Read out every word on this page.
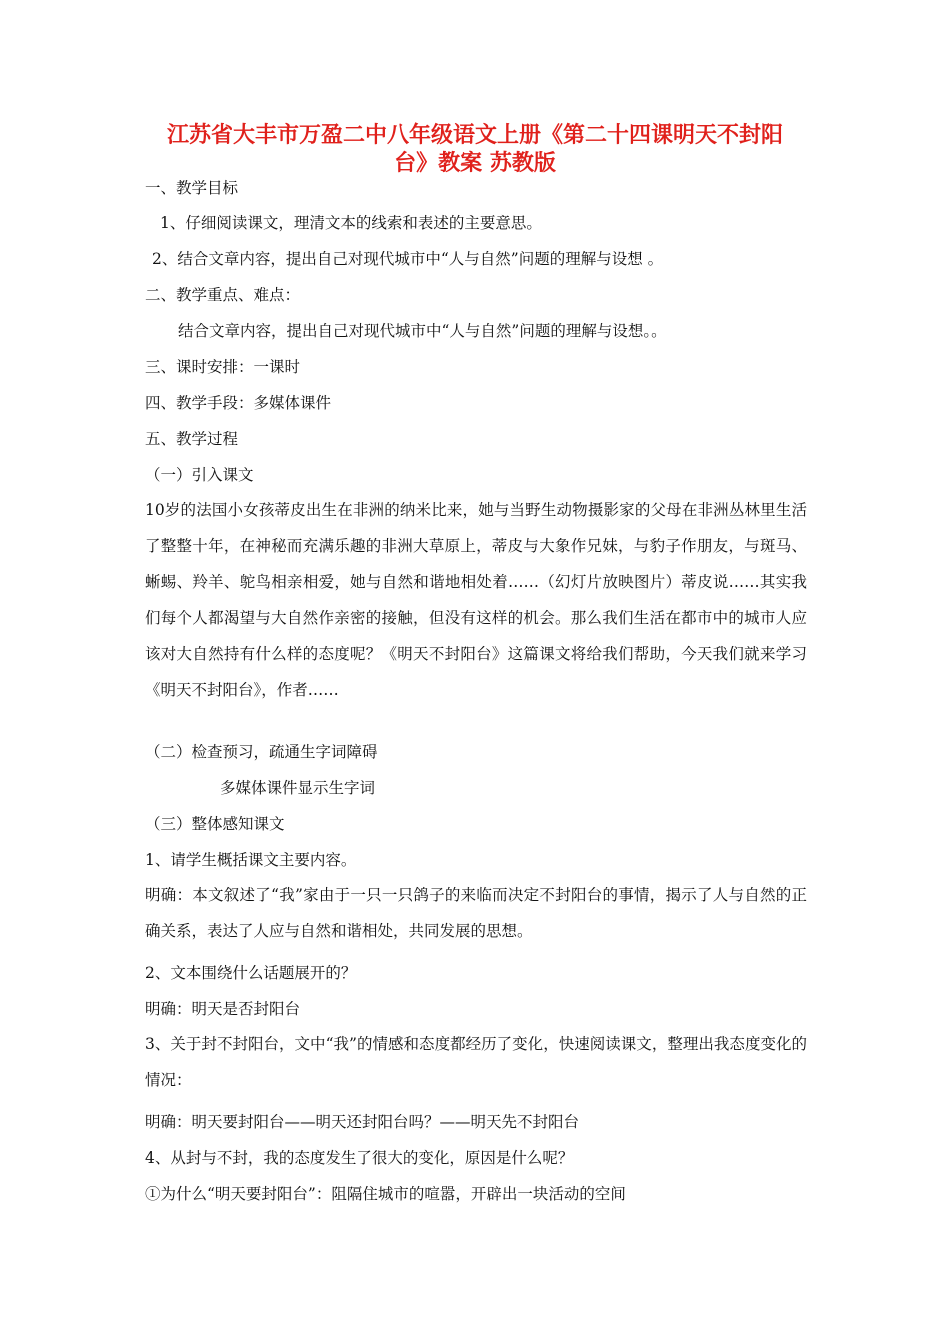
江苏省大丰市万盈二中八年级语文上册《第二十四课明天不封阳
台》教案 苏教版
一、教学目标
1、仔细阅读课文，理清文本的线索和表述的主要意思。
2、结合文章内容，提出自己对现代城市中“人与自然”问题的理解与设想 。
二、教学重点、难点：
结合文章内容，提出自己对现代城市中“人与自然”问题的理解与设想。。
三、课时安排：一课时
四、教学手段：多媒体课件
五、教学过程
（一）引入课文
10岁的法国小女孩蒂皮出生在非洲的纳米比来，她与当野生动物摄影家的父母在非洲丛林里生活了整整十年，在神秘而充满乐趣的非洲大草原上，蒂皮与大象作兄妹，与豹子作朋友，与斑马、蜥蜴、羚羊、鸵鸟相亲相爱，她与自然和谐地相处着……（幻灯片放映图片）蒂皮说……其实我们每个人都渴望与大自然作亲密的接触，但没有这样的机会。那么我们生活在都市中的城市人应该对大自然持有什么样的态度呢？《明天不封阳台》这篇课文将给我们帮助，今天我们就来学习《明天不封阳台》，作者……
（二）检查预习，疏通生字词障碍
多媒体课件显示生字词
（三）整体感知课文
1、请学生概括课文主要内容。
明确：本文叙述了“我”家由于一只一只鸽子的来临而决定不封阳台的事情，揭示了人与自然的正确关系，表达了人应与自然和谐相处，共同发展的思想。
2、文本围绕什么话题展开的？
明确：明天是否封阳台
3、关于封不封阳台，文中“我”的情感和态度都经历了变化，快速阅读课文，整理出我态度变化的情况：
明确：明天要封阳台——明天还封阳台吗？——明天先不封阳台
4、从封与不封，我的态度发生了很大的变化，原因是什么呢？
①为什么“明天要封阳台”：阻隔住城市的喧嚣，开辟出一块活动的空间
